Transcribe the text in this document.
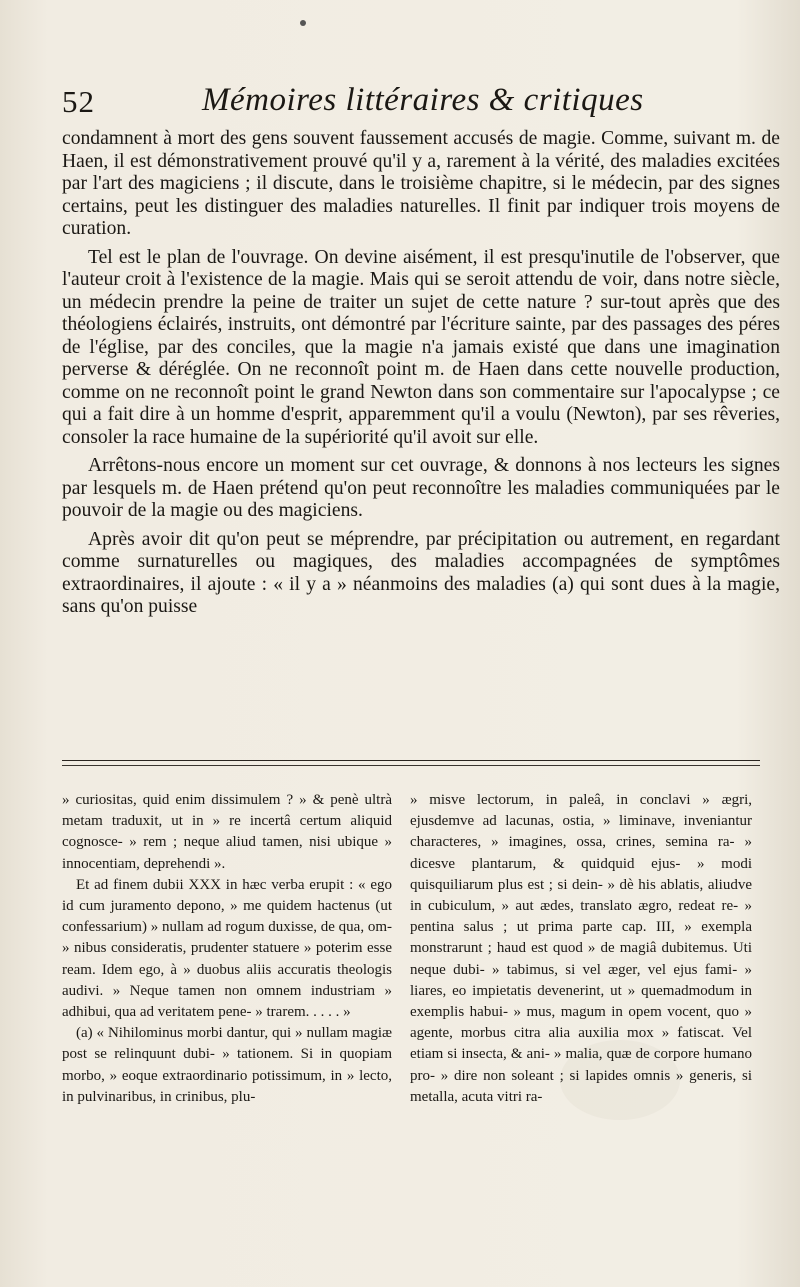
52	Mémoires littéraires & critiques

condamnent à mort des gens souvent faussement accusés de magie. Comme, suivant m. de Haen, il est démonstrativement prouvé qu'il y a, rarement à la vérité, des maladies excitées par l'art des magiciens ; il discute, dans le troisième chapitre, si le médecin, par des signes certains, peut les distinguer des maladies naturelles. Il finit par indiquer trois moyens de curation.

Tel est le plan de l'ouvrage. On devine aisément, il est presqu'inutile de l'observer, que l'auteur croit à l'existence de la magie. Mais qui se seroit attendu de voir, dans notre siècle, un médecin prendre la peine de traiter un sujet de cette nature ? sur-tout après que des théologiens éclairés, instruits, ont démontré par l'écriture sainte, par des passages des péres de l'église, par des conciles, que la magie n'a jamais existé que dans une imagination perverse & déréglée. On ne reconnoît point m. de Haen dans cette nouvelle production, comme on ne reconnoît point le grand Newton dans son commentaire sur l'apocalypse ; ce qui a fait dire à un homme d'esprit, apparemment qu'il a voulu (Newton), par ses rêveries, consoler la race humaine de la supériorité qu'il avoit sur elle.

Arrêtons-nous encore un moment sur cet ouvrage, & donnons à nos lecteurs les signes par lesquels m. de Haen prétend qu'on peut reconnoître les maladies communiquées par le pouvoir de la magie ou des magiciens.

Après avoir dit qu'on peut se méprendre, par précipitation ou autrement, en regardant comme surnaturelles ou magiques, des maladies accompagnées de symptômes extraordinaires, il ajoute : « il y a » néanmoins des maladies (a) qui sont dues à la magie, sans qu'on puisse

» curiositas, quid enim dissimulem ? » & penè ultrà metam traduxit, ut in » re incertâ certum aliquid cognosce- » rem ; neque aliud tamen, nisi ubique » innocentiam, deprehendi ».

Et ad finem dubii XXX in hæc verba erupit : « ego id cum juramento depono, » me quidem hactenus (ut confessarium) » nullam ad rogum duxisse, de qua, om- » nibus consideratis, prudenter statuere » poterim esse ream. Idem ego, à » duobus aliis accuratis theologis audivi. » Neque tamen non omnem industriam » adhibui, qua ad veritatem pene- » trarem. . . . . »

(a) « Nihilominus morbi dantur, qui » nullam magiæ post se relinquunt dubi- » tationem. Si in quopiam morbo, » eoque extraordinario potissimum, in » lecto, in pulvinaribus, in crinibus, plu-

» misve lectorum, in paleâ, in conclavi » ægri, ejusdemve ad lacunas, ostia, » liminave, inveniantur characteres, » imagines, ossa, crines, semina ra- » dicesve plantarum, & quidquid ejus- » modi quisquiliarum plus est ; si dein- » dè his ablatis, aliudve in cubiculum, » aut ædes, translato ægro, redeat re- » pentina salus ; ut prima parte cap. III, » exempla monstrarunt ; haud est quod » de magiâ dubitemus. Uti neque dubi- » tabimus, si vel æger, vel ejus fami- » liares, eo impietatis devenerint, ut » quemadmodum in exemplis habui- » mus, magum in opem vocent, quo » agente, morbus citra alia auxilia mox » fatiscat. Vel etiam si insecta, & ani- » malia, quæ de corpore humano pro- » dire non soleant ; si lapides omnis » generis, si metalla, acuta vitri ra-
